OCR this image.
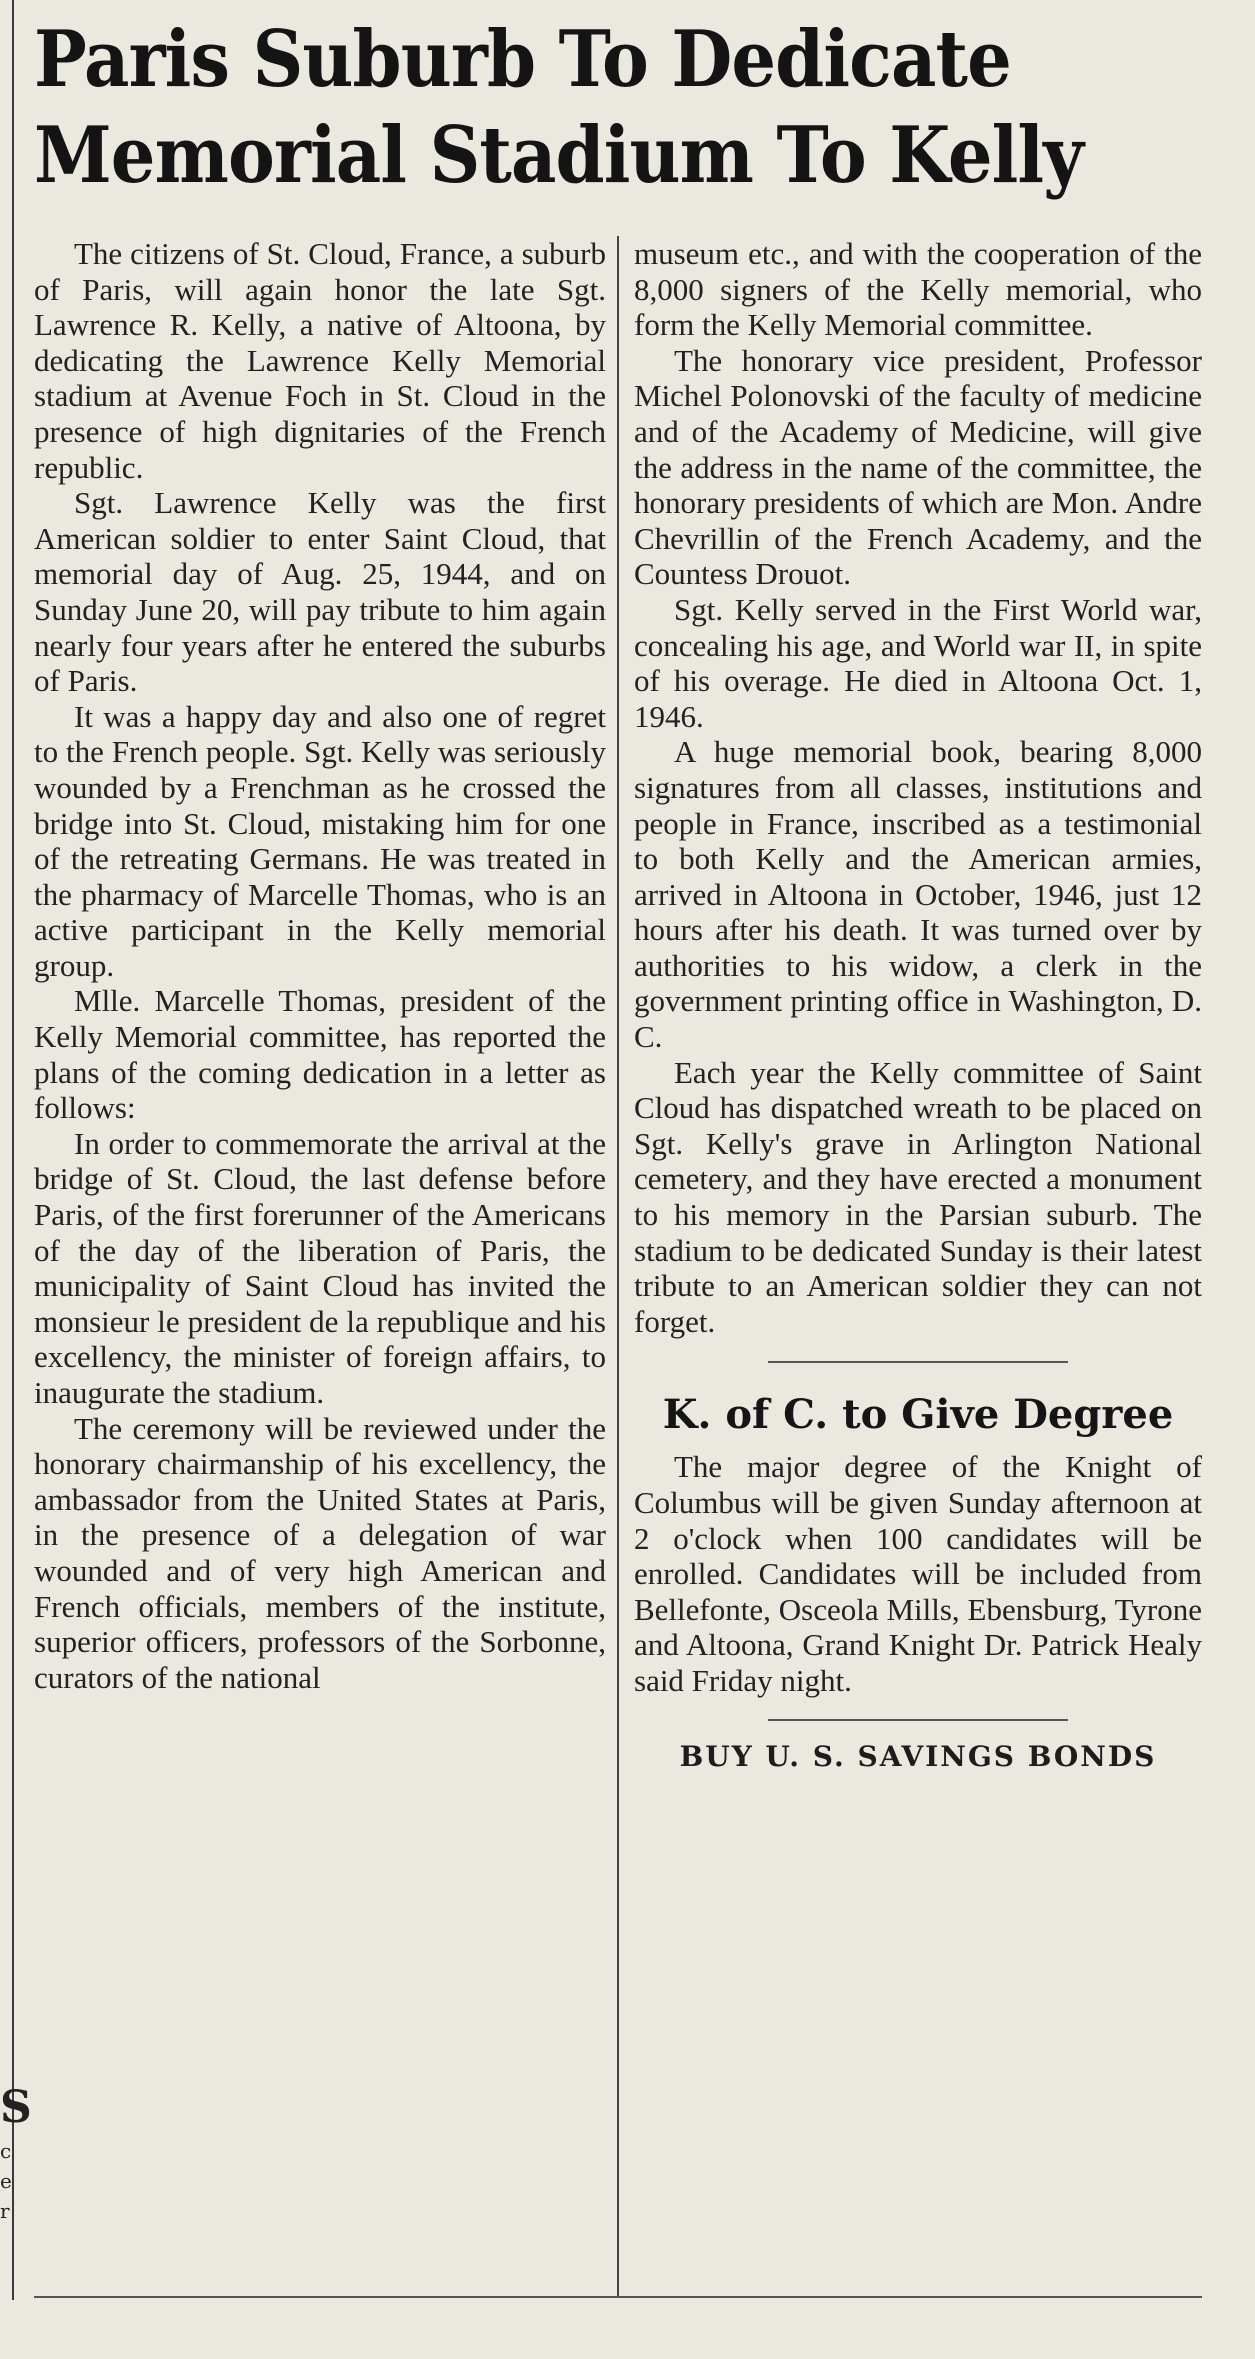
S
c
e
r
Paris Suburb To Dedicate Memorial Stadium To Kelly

The citizens of St. Cloud, France, a suburb of Paris, will again honor the late Sgt. Lawrence R. Kelly, a native of Altoona, by dedicating the Lawrence Kelly Memorial stadium at Avenue Foch in St. Cloud in the presence of high dignitaries of the French republic.

Sgt. Lawrence Kelly was the first American soldier to enter Saint Cloud, that memorial day of Aug. 25, 1944, and on Sunday June 20, will pay tribute to him again nearly four years after he entered the suburbs of Paris.

It was a happy day and also one of regret to the French people. Sgt. Kelly was seriously wounded by a Frenchman as he crossed the bridge into St. Cloud, mistaking him for one of the retreating Germans. He was treated in the pharmacy of Marcelle Thomas, who is an active participant in the Kelly memorial group.

Mlle. Marcelle Thomas, president of the Kelly Memorial committee, has reported the plans of the coming dedication in a letter as follows:

In order to commemorate the arrival at the bridge of St. Cloud, the last defense before Paris, of the first forerunner of the Americans of the day of the liberation of Paris, the municipality of Saint Cloud has invited the monsieur le president de la republique and his excellency, the minister of foreign affairs, to inaugurate the stadium.

The ceremony will be reviewed under the honorary chairmanship of his excellency, the ambassador from the United States at Paris, in the presence of a delegation of war wounded and of very high American and French officials, members of the institute, superior officers, professors of the Sorbonne, curators of the national

museum etc., and with the cooperation of the 8,000 signers of the Kelly memorial, who form the Kelly Memorial committee.

The honorary vice president, Professor Michel Polonovski of the faculty of medicine and of the Academy of Medicine, will give the address in the name of the committee, the honorary presidents of which are Mon. Andre Chevrillin of the French Academy, and the Countess Drouot.

Sgt. Kelly served in the First World war, concealing his age, and World war II, in spite of his overage. He died in Altoona Oct. 1, 1946.

A huge memorial book, bearing 8,000 signatures from all classes, institutions and people in France, inscribed as a testimonial to both Kelly and the American armies, arrived in Altoona in October, 1946, just 12 hours after his death. It was turned over by authorities to his widow, a clerk in the government printing office in Washington, D. C.

Each year the Kelly committee of Saint Cloud has dispatched wreath to be placed on Sgt. Kelly's grave in Arlington National cemetery, and they have erected a monument to his memory in the Parsian suburb. The stadium to be dedicated Sunday is their latest tribute to an American soldier they can not forget.

K. of C. to Give Degree

The major degree of the Knight of Columbus will be given Sunday afternoon at 2 o'clock when 100 candidates will be enrolled. Candidates will be included from Bellefonte, Osceola Mills, Ebensburg, Tyrone and Altoona, Grand Knight Dr. Patrick Healy said Friday night.

BUY U. S. SAVINGS BONDS
